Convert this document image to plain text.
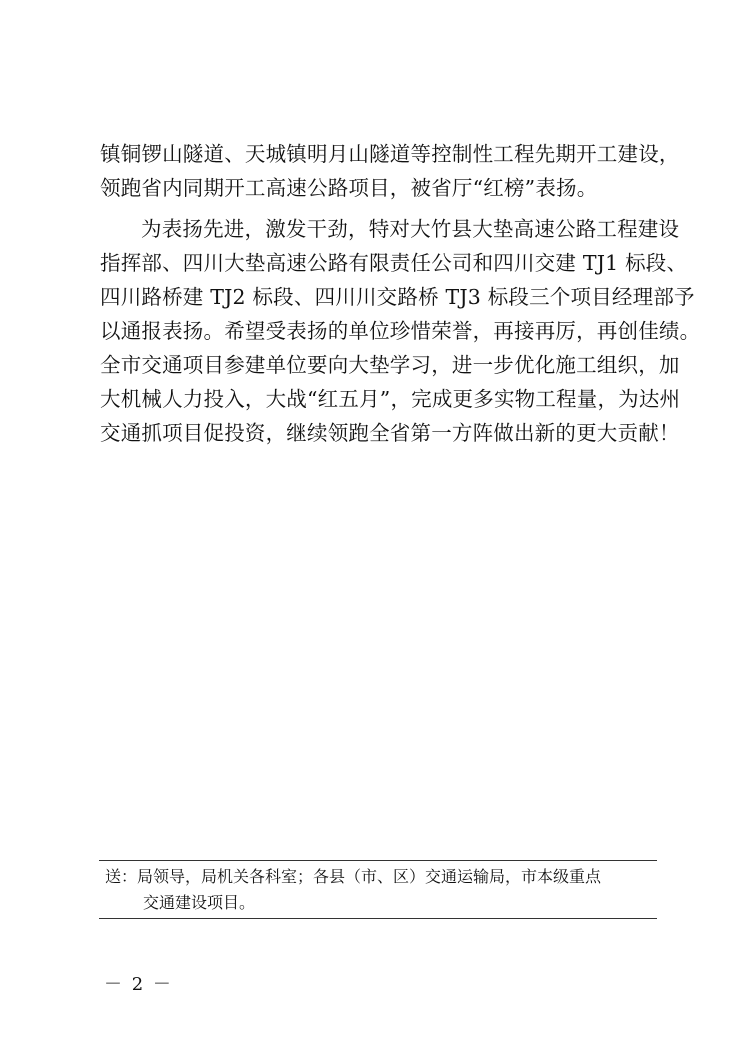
镇铜锣山隧道、天城镇明月山隧道等控制性工程先期开工建设，
领跑省内同期开工高速公路项目，被省厅“红榜”表扬。
为表扬先进，激发干劲，特对大竹县大垫高速公路工程建设
指挥部、四川大垫高速公路有限责任公司和四川交建 TJ1 标段、
四川路桥建 TJ2 标段、四川川交路桥 TJ3 标段三个项目经理部予
以通报表扬。希望受表扬的单位珍惜荣誉，再接再厉，再创佳绩。
全市交通项目参建单位要向大垫学习，进一步优化施工组织，加
大机械人力投入，大战“红五月”，完成更多实物工程量，为达州
交通抓项目促投资，继续领跑全省第一方阵做出新的更大贡献！
送：局领导，局机关各科室；各县（市、区）交通运输局，市本级重点
交通建设项目。
－ 2 －
